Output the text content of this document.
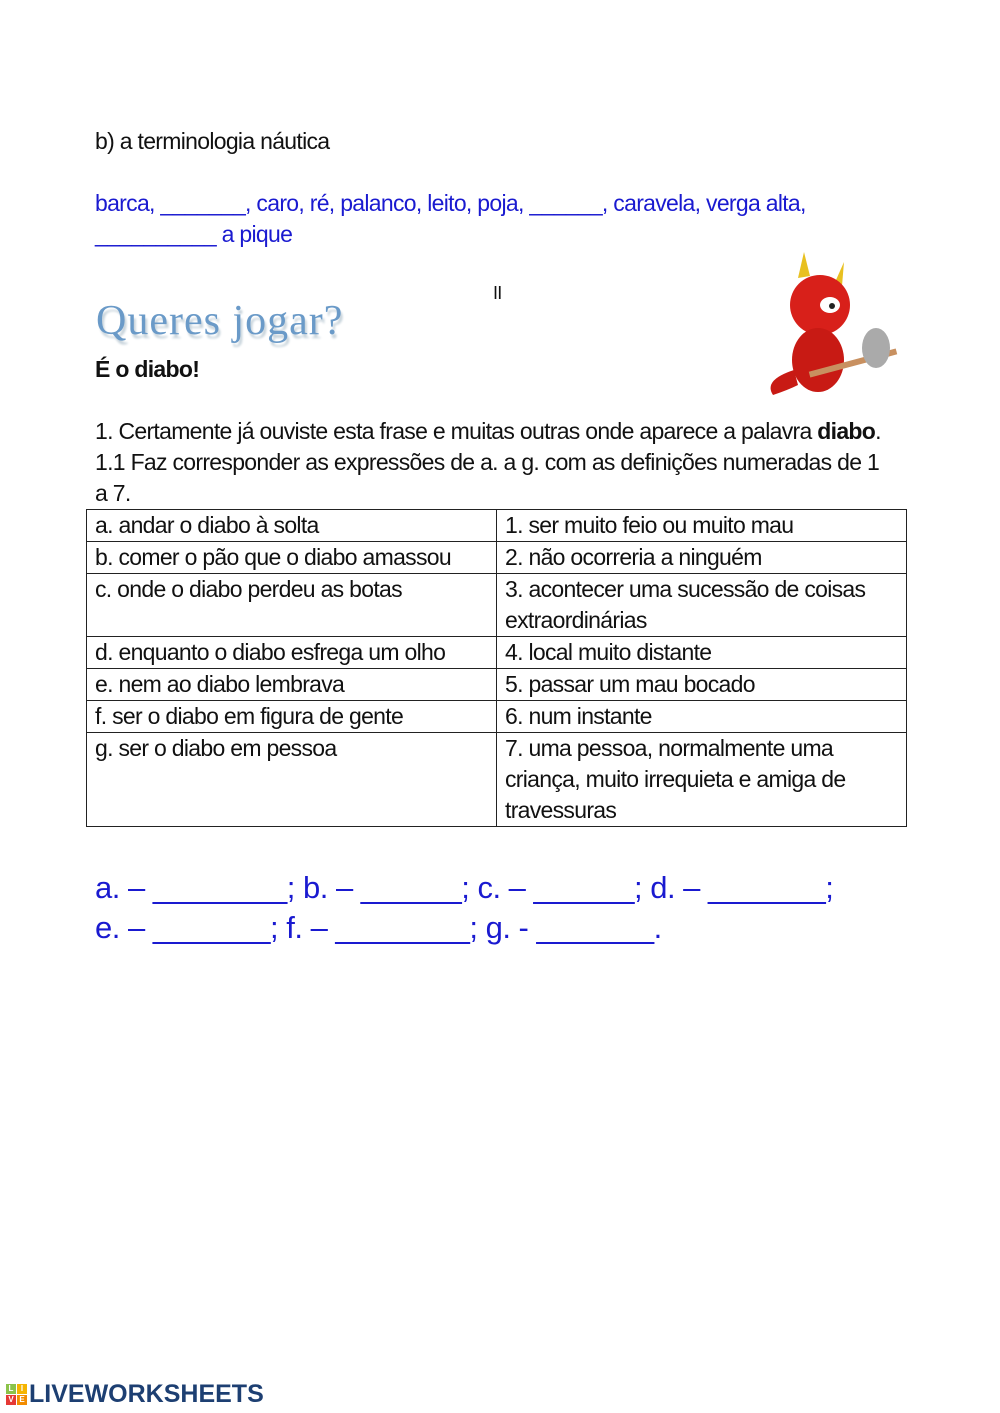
b) a terminologia náutica
barca, _______, caro, ré, palanco, leito, poja, ______, caravela, verga alta,
__________ a pique
II
Queres jogar?
É o diabo!
1. Certamente já ouviste esta frase e muitas outras onde aparece a palavra diabo.
1.1 Faz corresponder as expressões de a. a g. com as definições numeradas de 1
a 7.
a. andar o diabo à solta	1. ser muito feio ou muito mau
b. comer o pão que o diabo amassou	2. não ocorreria a ninguém
c. onde o diabo perdeu as botas	3. acontecer uma sucessão de coisas extraordinárias
d. enquanto o diabo esfrega um olho	4. local muito distante
e. nem ao diabo lembrava	5. passar um mau bocado
f. ser o diabo em figura de gente	6. num instante
g. ser o diabo em pessoa	7. uma pessoa, normalmente uma criança, muito irrequieta e amiga de travessuras
a. – ________; b. – ______; c. – ______; d. – _______;
e. – _______; f. – ________; g. - _______.
L I
V E LIVEWORKSHEETS
